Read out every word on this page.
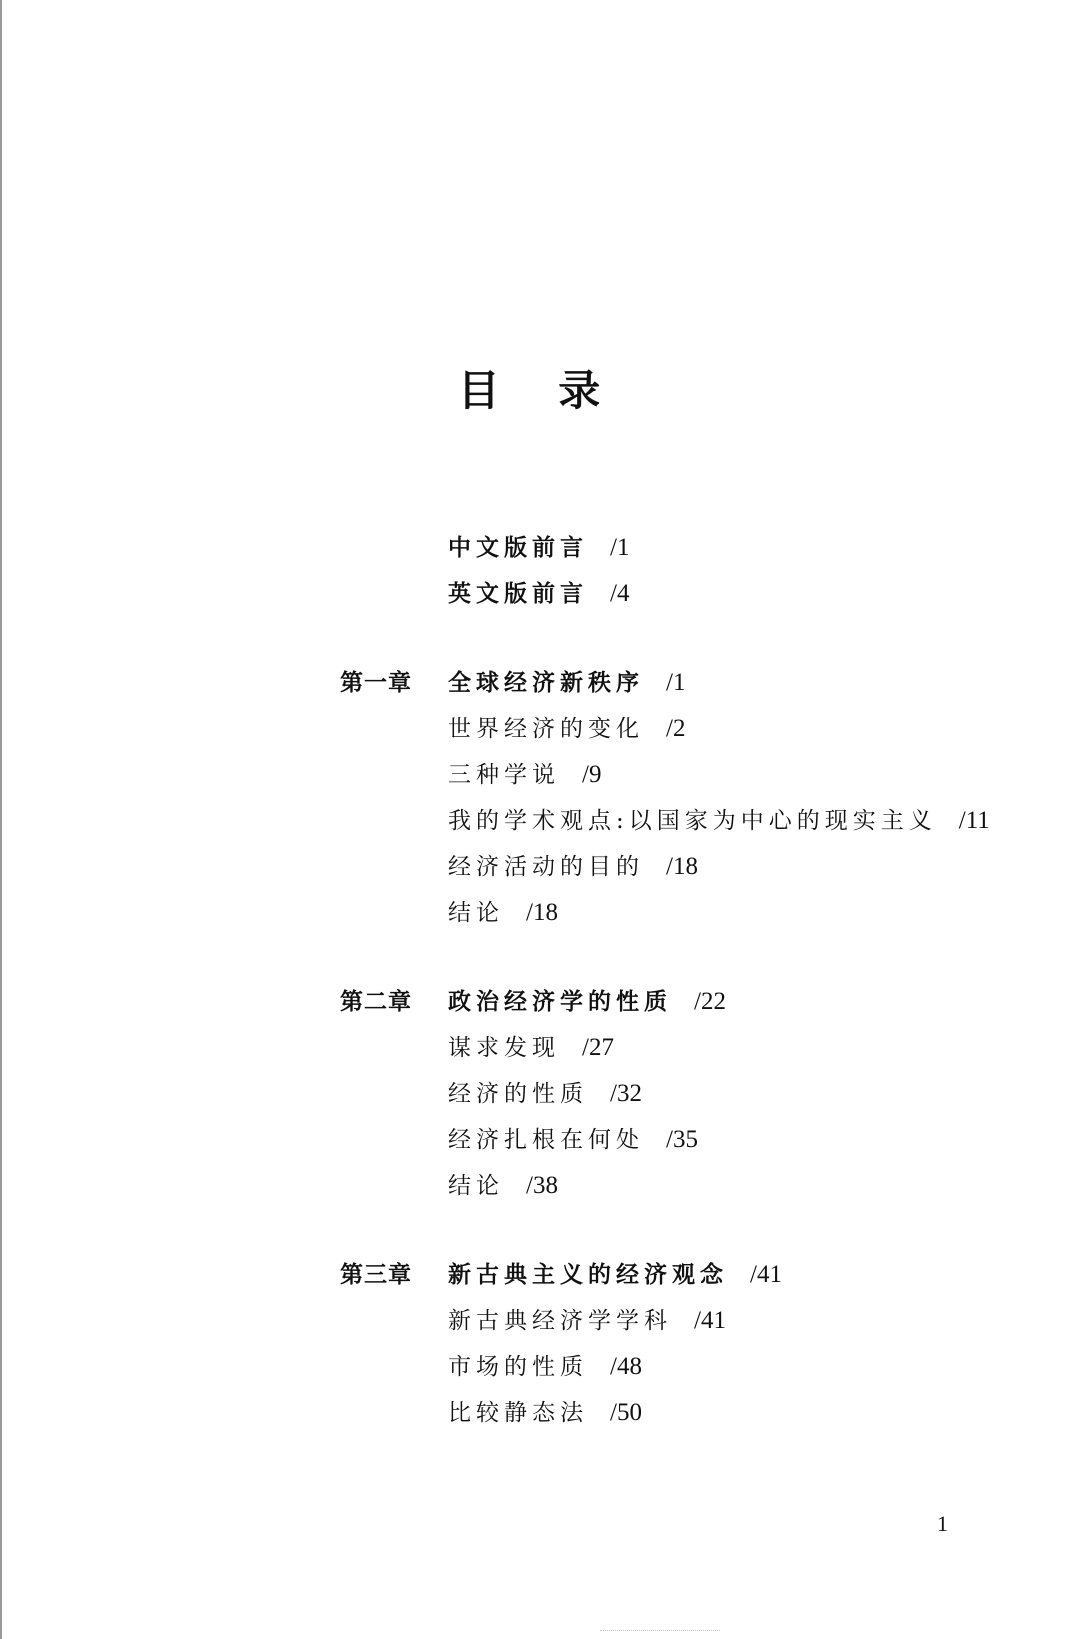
目 录
中文版前言 /1
英文版前言 /4
第一章 全球经济新秩序 /1
世界经济的变化 /2
三种学说 /9
我的学术观点:以国家为中心的现实主义 /11
经济活动的目的 /18
结论 /18
第二章 政治经济学的性质 /22
谋求发现 /27
经济的性质 /32
经济扎根在何处 /35
结论 /38
第三章 新古典主义的经济观念 /41
新古典经济学学科 /41
市场的性质 /48
比较静态法 /50
1
